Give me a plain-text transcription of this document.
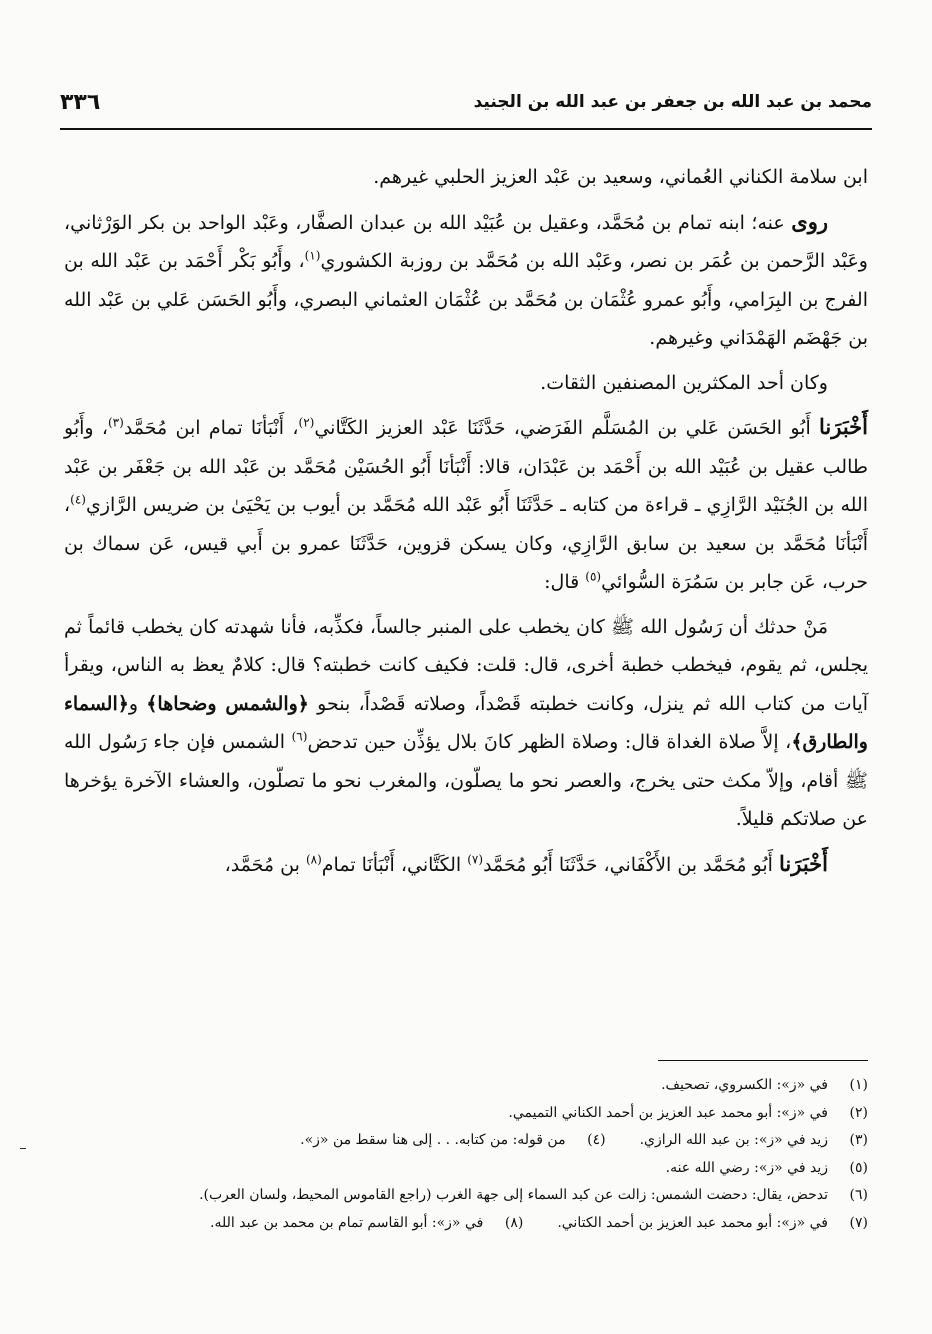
٣٣٦	محمد بن عبد الله بن جعفر بن عبد الله بن الجنيد

ابن سلامة الكناني العُماني، وسعيد بن عَبْد العزيز الحلبي غيرهم.

روى عنه؛ ابنه تمام بن مُحَمَّد، وعقيل بن عُبَيْد الله بن عبدان الصفَّار، وعَبْد الواحد بن بكر الوَرْثاني، وعَبْد الرَّحمن بن عُمَر بن نصر، وعَبْد الله بن مُحَمَّد بن روزبة الكشوري$^{(١)}$، وأَبُو بَكْر أَحْمَد بن عَبْد الله بن الفرج بن البِرَامي، وأَبُو عمرو عُثْمَان بن مُحَمَّد بن عُثْمَان العثماني البصري، وأَبُو الحَسَن عَلي بن عَبْد الله بن جَهْضَم الهَمْدَاني وغيرهم.

وكان أحد المكثرين المصنفين الثقات.

أَخْبَرَنا أَبُو الحَسَن عَلي بن المُسَلَّم الفَرَضي، حَدَّثَنَا عَبْد العزيز الكَتَّاني$^{(٢)}$، أَنْبَأنَا تمام ابن مُحَمَّد$^{(٣)}$، وأَبُو طالب عقيل بن عُبَيْد الله بن أَحْمَد بن عَبْدَان، قالا: أَنْبَأنَا أَبُو الحُسَيْن مُحَمَّد بن عَبْد الله بن جَعْفَر بن عَبْد الله بن الجُنَيْد الرَّازِي ـ قراءة من كتابه ـ حَدَّثَنَا أَبُو عَبْد الله مُحَمَّد بن أيوب بن يَحْيَىٰ بن ضريس الرَّازي$^{(٤)}$، أَنْبَأنَا مُحَمَّد بن سعيد بن سابق الرَّازِي، وكان يسكن قزوين، حَدَّثَنَا عمرو بن أَبي قيس، عَن سماك بن حرب، عَن جابر بن سَمُرَة السُّوائي$^{(٥)}$ قال:

مَنْ حدثك أن رَسُول الله ﷺ كان يخطب على المنبر جالساً، فكذِّبه، فأنا شهدته كان يخطب قائماً ثم يجلس، ثم يقوم، فيخطب خطبة أخرى، قال: قلت: فكيف كانت خطبته؟ قال: كلامٌ يعظ به الناس، ويقرأ آيات من كتاب الله ثم ينزل، وكانت خطبته قَصْداً، وصلاته قَصْداً، بنحو ﴿والشمس وضحاها﴾ و﴿السماء والطارق﴾، إلاَّ صلاة الغداة قال: وصلاة الظهر كانَ بلال يؤذِّن حين تدحض$^{(٦)}$ الشمس فإن جاء رَسُول الله ﷺ أقام، وإلاّ مكث حتى يخرج، والعصر نحو ما يصلّون، والمغرب نحو ما تصلّون، والعشاء الآخرة يؤخرها عن صلاتكم قليلاً.

أَخْبَرَنا أَبُو مُحَمَّد بن الأَكْفَاني، حَدَّثَنَا أَبُو مُحَمَّد$^{(٧)}$ الكَتَّاني، أَنْبَأنَا تمام$^{(٨)}$ بن مُحَمَّد،

(١)
في «ز»: الكسروي، تصحيف.
(٢)
في «ز»: أبو محمد عبد العزيز بن أحمد الكناني التميمي.
(٣)
زيد في «ز»: بن عبد الله الرازي.
(٤)
من قوله: من كتابه. . . إلى هنا سقط من «ز».
(٥)
زيد في «ز»: رضي الله عنه.
(٦)
تدحض، يقال: دحضت الشمس: زالت عن كبد السماء إلى جهة الغرب (راجع القاموس المحيط، ولسان العرب).
(٧)
في «ز»: أبو محمد عبد العزيز بن أحمد الكتاني.
(٨)
في «ز»: أبو القاسم تمام بن محمد بن عبد الله.
